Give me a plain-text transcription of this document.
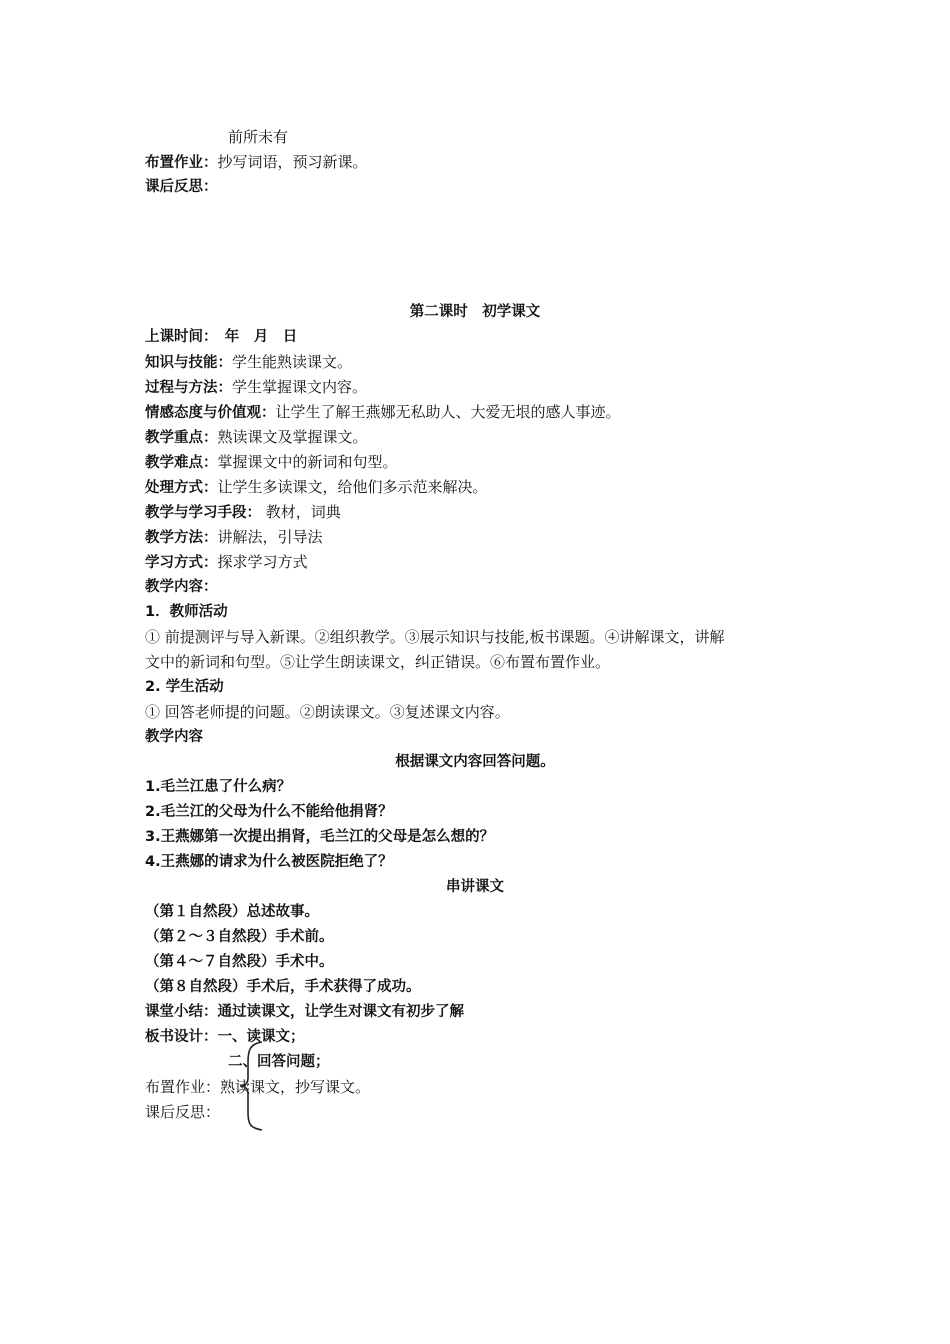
前所未有
布置作业：抄写词语，预习新课。
课后反思：
第二课时　初学课文
上课时间：　年　月　日
知识与技能：学生能熟读课文。
过程与方法：学生掌握课文内容。
情感态度与价值观：让学生了解王燕娜无私助人、大爱无垠的感人事迹。
教学重点：熟读课文及掌握课文。
教学难点：掌握课文中的新词和句型。
处理方式：让学生多读课文，给他们多示范来解决。
教学与学习手段： 教材，词典
教学方法：讲解法，引导法
学习方式：探求学习方式
教学内容：
1．教师活动
① 前提测评与导入新课。②组织教学。③展示知识与技能,板书课题。④讲解课文，讲解
文中的新词和句型。⑤让学生朗读课文，纠正错误。⑥布置布置作业。
2. 学生活动
① 回答老师提的问题。②朗读课文。③复述课文内容。
教学内容
根据课文内容回答问题。
1.毛兰江患了什么病？
2.毛兰江的父母为什么不能给他捐肾？
3.王燕娜第一次提出捐肾，毛兰江的父母是怎么想的？
4.王燕娜的请求为什么被医院拒绝了？
串讲课文
（第１自然段）总述故事。
（第２～３自然段）手术前。
（第４～７自然段）手术中。
（第８自然段）手术后，手术获得了成功。
课堂小结：通过读课文，让学生对课文有初步了解
板书设计：一、读课文；
二、回答问题；
布置作业：熟读课文，抄写课文。
课后反思：
